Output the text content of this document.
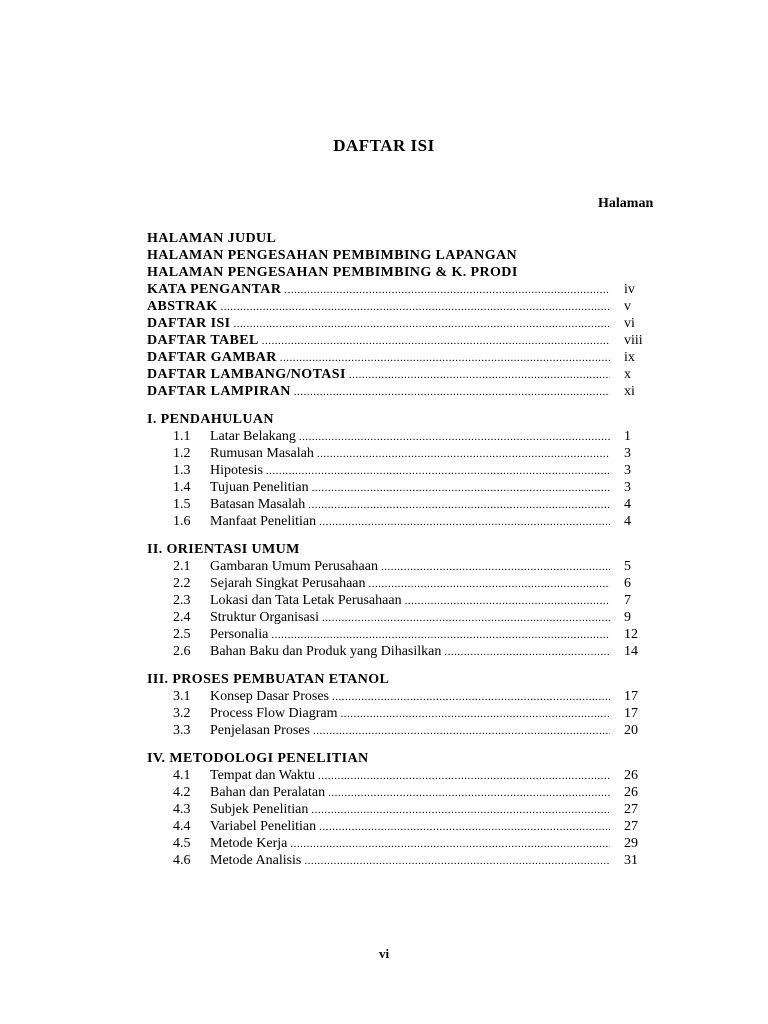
DAFTAR ISI
Halaman
HALAMAN JUDUL
HALAMAN PENGESAHAN PEMBIMBING LAPANGAN
HALAMAN PENGESAHAN PEMBIMBING & K. PRODI
KATA PENGANTAR .....	iv
ABSTRAK .....	v
DAFTAR ISI .....	vi
DAFTAR TABEL .....	viii
DAFTAR GAMBAR .....	ix
DAFTAR LAMBANG/NOTASI .....	x
DAFTAR LAMPIRAN .....	xi
I. PENDAHULUAN
1.1	Latar Belakang .....	1
1.2	Rumusan Masalah .....	3
1.3	Hipotesis .....	3
1.4	Tujuan Penelitian .....	3
1.5	Batasan Masalah .....	4
1.6	Manfaat Penelitian .....	4
II. ORIENTASI UMUM
2.1	Gambaran Umum Perusahaan .....	5
2.2	Sejarah Singkat Perusahaan .....	6
2.3	Lokasi dan Tata Letak Perusahaan .....	7
2.4	Struktur Organisasi .....	9
2.5	Personalia .....	12
2.6	Bahan Baku dan Produk yang Dihasilkan .....	14
III. PROSES PEMBUATAN ETANOL
3.1	Konsep Dasar Proses .....	17
3.2	Process Flow Diagram .....	17
3.3	Penjelasan Proses .....	20
IV. METODOLOGI PENELITIAN
4.1	Tempat dan Waktu .....	26
4.2	Bahan dan Peralatan .....	26
4.3	Subjek Penelitian .....	27
4.4	Variabel Penelitian .....	27
4.5	Metode Kerja .....	29
4.6	Metode Analisis .....	31
vi
